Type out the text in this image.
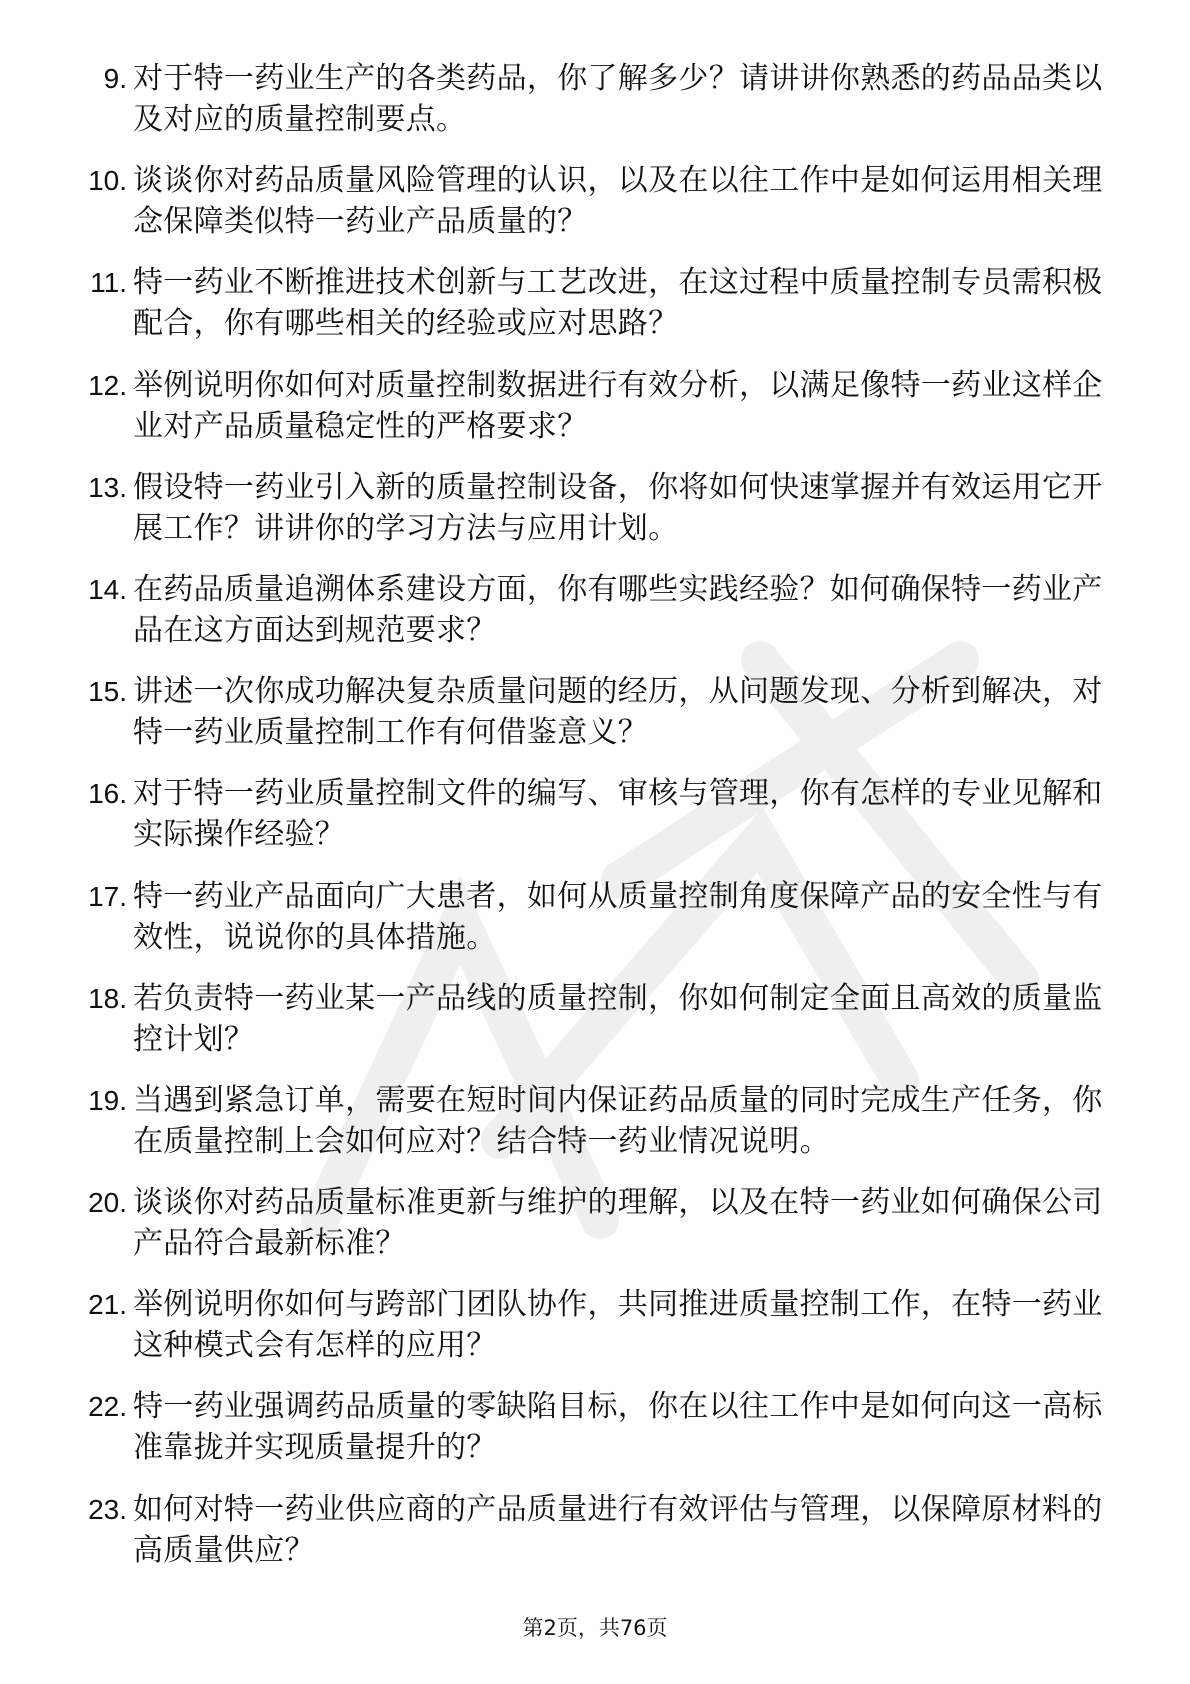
9. 对于特一药业生产的各类药品，你了解多少？请讲讲你熟悉的药品品类以及对应的质量控制要点。
10. 谈谈你对药品质量风险管理的认识，以及在以往工作中是如何运用相关理念保障类似特一药业产品质量的？
11. 特一药业不断推进技术创新与工艺改进，在这过程中质量控制专员需积极配合，你有哪些相关的经验或应对思路？
12. 举例说明你如何对质量控制数据进行有效分析，以满足像特一药业这样企业对产品质量稳定性的严格要求？
13. 假设特一药业引入新的质量控制设备，你将如何快速掌握并有效运用它开展工作？讲讲你的学习方法与应用计划。
14. 在药品质量追溯体系建设方面，你有哪些实践经验？如何确保特一药业产品在这方面达到规范要求？
15. 讲述一次你成功解决复杂质量问题的经历，从问题发现、分析到解决，对特一药业质量控制工作有何借鉴意义？
16. 对于特一药业质量控制文件的编写、审核与管理，你有怎样的专业见解和实际操作经验？
17. 特一药业产品面向广大患者，如何从质量控制角度保障产品的安全性与有效性，说说你的具体措施。
18. 若负责特一药业某一产品线的质量控制，你如何制定全面且高效的质量监控计划？
19. 当遇到紧急订单，需要在短时间内保证药品质量的同时完成生产任务，你在质量控制上会如何应对？结合特一药业情况说明。
20. 谈谈你对药品质量标准更新与维护的理解，以及在特一药业如何确保公司产品符合最新标准？
21. 举例说明你如何与跨部门团队协作，共同推进质量控制工作，在特一药业这种模式会有怎样的应用？
22. 特一药业强调药品质量的零缺陷目标，你在以往工作中是如何向这一高标准靠拢并实现质量提升的？
23. 如何对特一药业供应商的产品质量进行有效评估与管理，以保障原材料的高质量供应？
第2页，共76页
